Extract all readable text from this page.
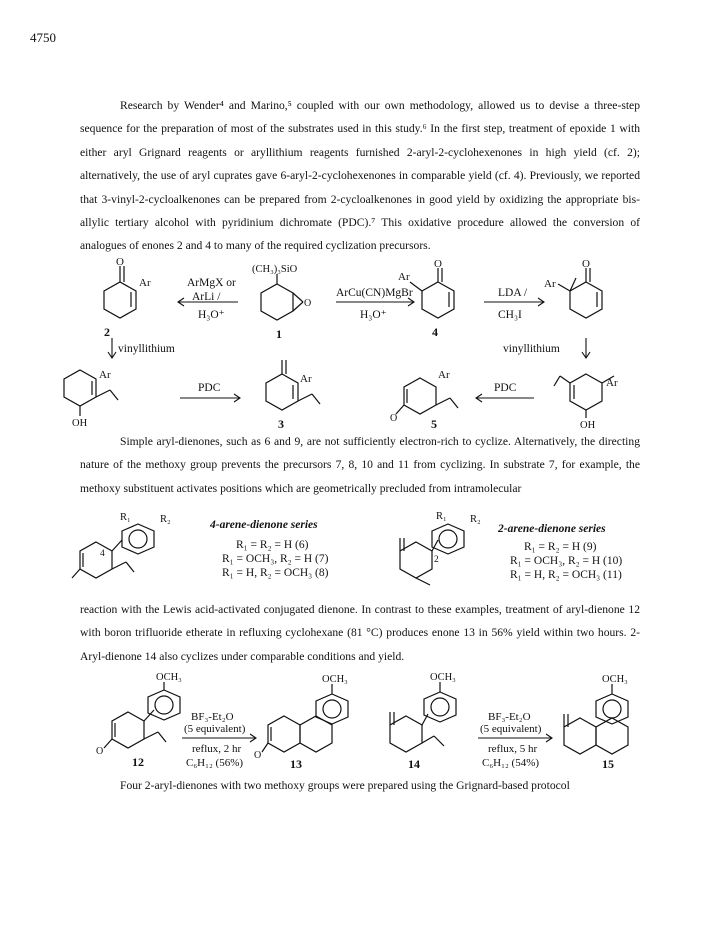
4750

Research by Wender⁴ and Marino,⁵ coupled with our own methodology, allowed us to devise a three-step sequence for the preparation of most of the substrates used in this study.⁶ In the first step, treatment of epoxide 1 with either aryl Grignard reagents or aryllithium reagents furnished 2-aryl-2-cyclohexenones in high yield (cf. 2); alternatively, the use of aryl cuprates gave 6-aryl-2-cyclohexenones in comparable yield (cf. 4). Previously, we reported that 3-vinyl-2-cycloalkenones can be prepared from 2-cycloalkenones in good yield by oxidizing the appropriate bis-allylic tertiary alcohol with pyridinium dichromate (PDC).⁷ This oxidative procedure allowed the conversion of analogues of enones 2 and 4 to many of the required cyclization precursors.

O
Ar
2
ArMgX or
ArLi /
H₃O⁺
(CH₃)₃SiO
O
1
ArCu(CN)MgBr
H₃O⁺
O
Ar
4
LDA /
CH₃I
O
Ar
vinyllithium	vinyllithium
Ar
OH
PDC
Ar
3	O
Ar
5
PDC	Ar
OH

Simple aryl-dienones, such as 6 and 9, are not sufficiently electron-rich to cyclize. Alternatively, the directing nature of the methoxy group prevents the precursors 7, 8, 10 and 11 from cyclizing. In substrate 7, for example, the methoxy substituent activates positions which are geometrically precluded from intramolecular

R₁	R₂
4
4-arene-dienone series
R₁ = R₂ = H (6)
R₁ = OCH₃, R₂ = H (7)
R₁ = H, R₂ = OCH₃ (8)
R₁ R₂
2
2-arene-dienone series
R₁ = R₂ = H (9)
R₁ = OCH₃, R₂ = H (10)
R₁ = H, R₂ = OCH₃ (11)

reaction with the Lewis acid-activated conjugated dienone. In contrast to these examples, treatment of aryl-dienone 12 with boron trifluoride etherate in refluxing cyclohexane (81 °C) produces enone 13 in 56% yield within two hours. 2-Aryl-dienone 14 also cyclizes under comparable conditions and yield.

OCH₃
O
12
BF₃-Et₂O
(5 equivalent)
reflux, 2 hr
C₆H₁₂ (56%)
OCH₃
O
13
OCH₃
14
BF₃-Et₂O
(5 equivalent)
reflux, 5 hr
C₆H₁₂ (54%)
OCH₃
15

Four 2-aryl-dienones with two methoxy groups were prepared using the Grignard-based protocol
